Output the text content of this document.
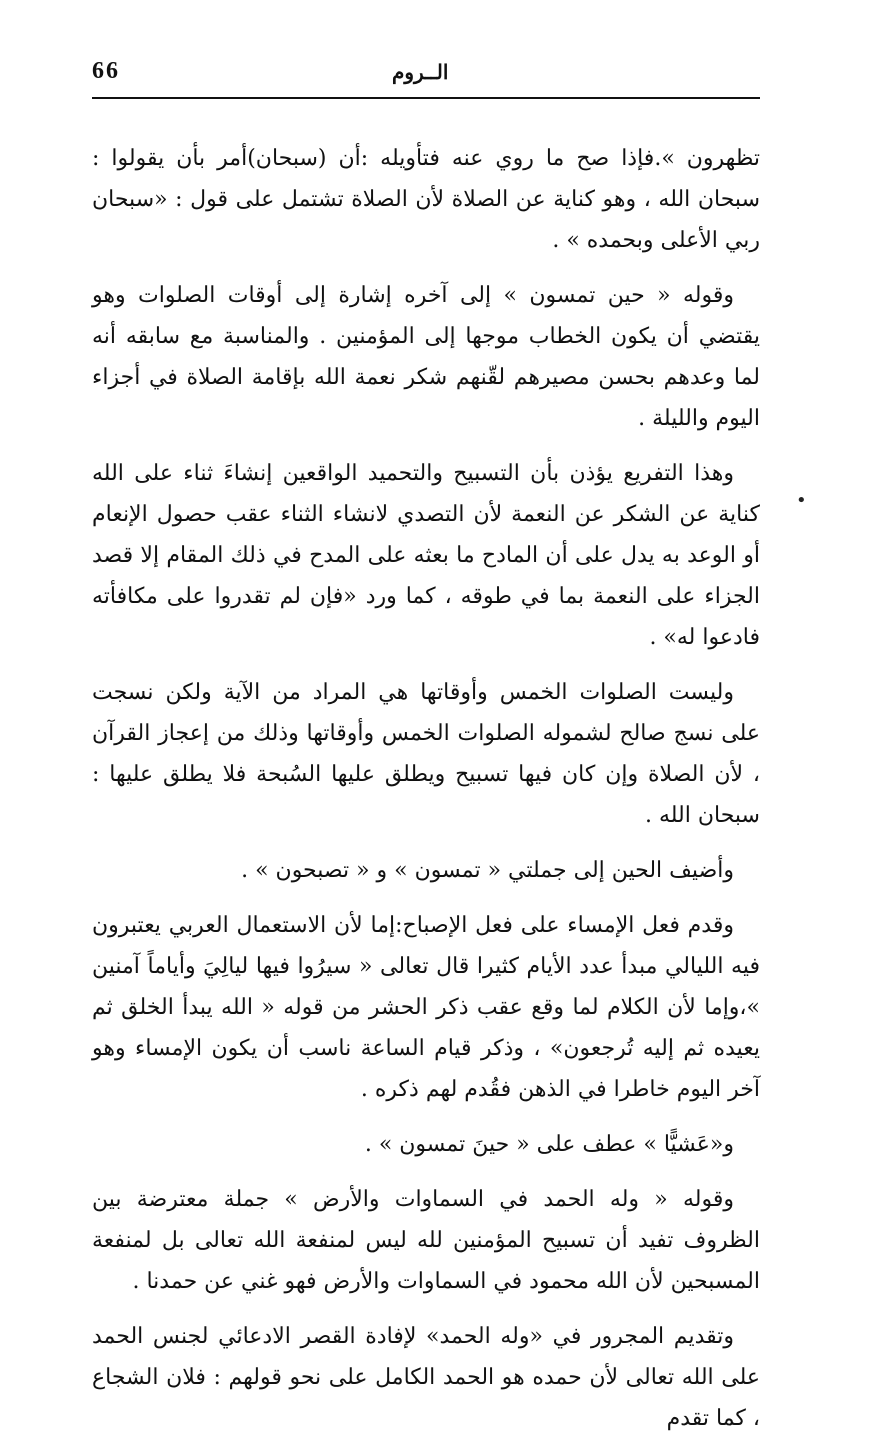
66	الــروم
•

تظهرون ».فإذا صح ما روي عنه فتأويله :أن (سبحان)أمر بأن يقولوا : سبحان الله ، وهو كناية عن الصلاة لأن الصلاة تشتمل على قول : «سبحان ربي الأعلى وبحمده » .

وقوله « حين تمسون » إلى آخره إشارة إلى أوقات الصلوات وهو يقتضي أن يكون الخطاب موجها إلى المؤمنين . والمناسبة مع سابقه أنه لما وعدهم بحسن مصيرهم لقّنهم شكر نعمة الله بإقامة الصلاة في أجزاء اليوم والليلة .

وهذا التفريع يؤذن بأن التسبيح والتحميد الواقعين إنشاءَ ثناء على الله كناية عن الشكر عن النعمة لأن التصدي لانشاء الثناء عقب حصول الإنعام أو الوعد به يدل على أن المادح ما بعثه على المدح في ذلك المقام إلا قصد الجزاء على النعمة بما في طوقه ، كما ورد «فإن لم تقدروا على مكافأته فادعوا له» .

وليست الصلوات الخمس وأوقاتها هي المراد من الآية ولكن نسجت على نسج صالح لشموله الصلوات الخمس وأوقاتها وذلك من إعجاز القرآن ، لأن الصلاة وإن كان فيها تسبيح ويطلق عليها السُبحة فلا يطلق عليها : سبحان الله .

وأضيف الحين إلى جملتي « تمسون » و « تصبحون » .

وقدم فعل الإمساء على فعل الإصباح:إما لأن الاستعمال العربي يعتبرون فيه الليالي مبدأ عدد الأيام كثيرا قال تعالى « سيرُوا فيها ليالِيَ وأياماً آمنين »،وإما لأن الكلام لما وقع عقب ذكر الحشر من قوله « الله يبدأ الخلق ثم يعيده ثم إليه تُرجعون» ، وذكر قيام الساعة ناسب أن يكون الإمساء وهو آخر اليوم خاطرا في الذهن فقُدم لهم ذكره .

و«عَشيًّا » عطف على « حينَ تمسون » .

وقوله « وله الحمد في السماوات والأرض » جملة معترضة بين الظروف تفيد أن تسبيح المؤمنين لله ليس لمنفعة الله تعالى بل لمنفعة المسبحين لأن الله محمود في السماوات والأرض فهو غني عن حمدنا .

وتقديم المجرور في «وله الحمد» لإفادة القصر الادعائي لجنس الحمد على الله تعالى لأن حمده هو الحمد الكامل على نحو قولهم : فلان الشجاع ، كما تقدم
